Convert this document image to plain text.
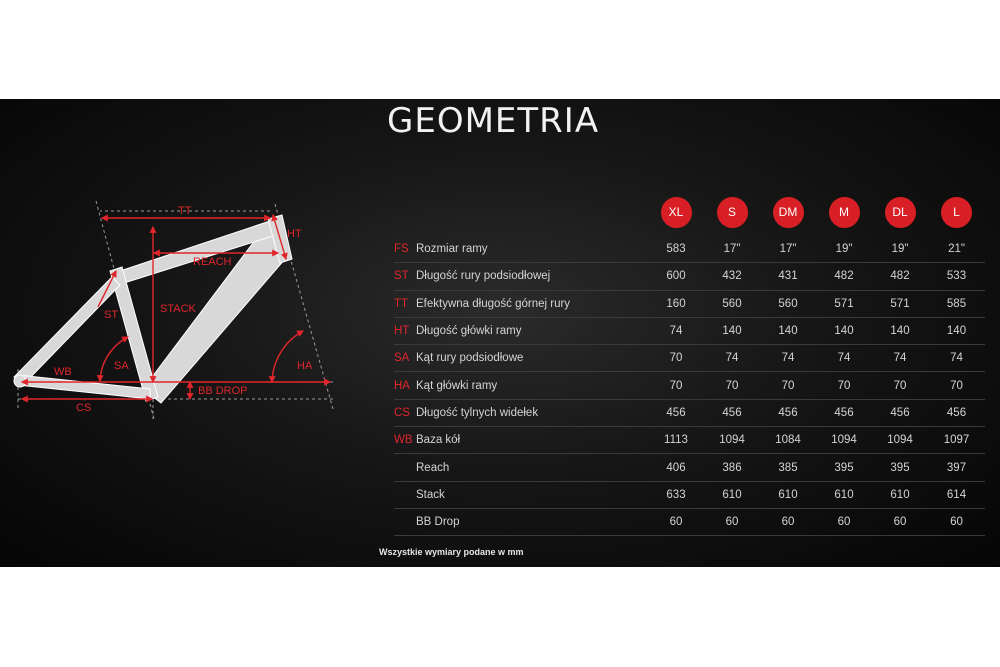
GEOMETRIA
TT
HT
REACH
STACK
ST
SA	HA
WB
CS
BB DROP
	XL	S	DM	M	DL	L
FS Rozmiar ramy	583	17"	17"	19"	19"	21"
ST Długość rury podsiodłowej	600	432	431	482	482	533
TT Efektywna długość górnej rury	160	560	560	571	571	585
HT Długość główki ramy	74	140	140	140	140	140
SA Kąt rury podsiodłowe	70	74	74	74	74	74
HA Kąt główki ramy	70	70	70	70	70	70
CS Długość tylnych widełek	456	456	456	456	456	456
WB Baza kół	1113	1094	1084	1094	1094	1097
Reach	406	386	385	395	395	397
Stack	633	610	610	610	610	614
BB Drop	60	60	60	60	60	60

Wszystkie wymiary podane w mm
